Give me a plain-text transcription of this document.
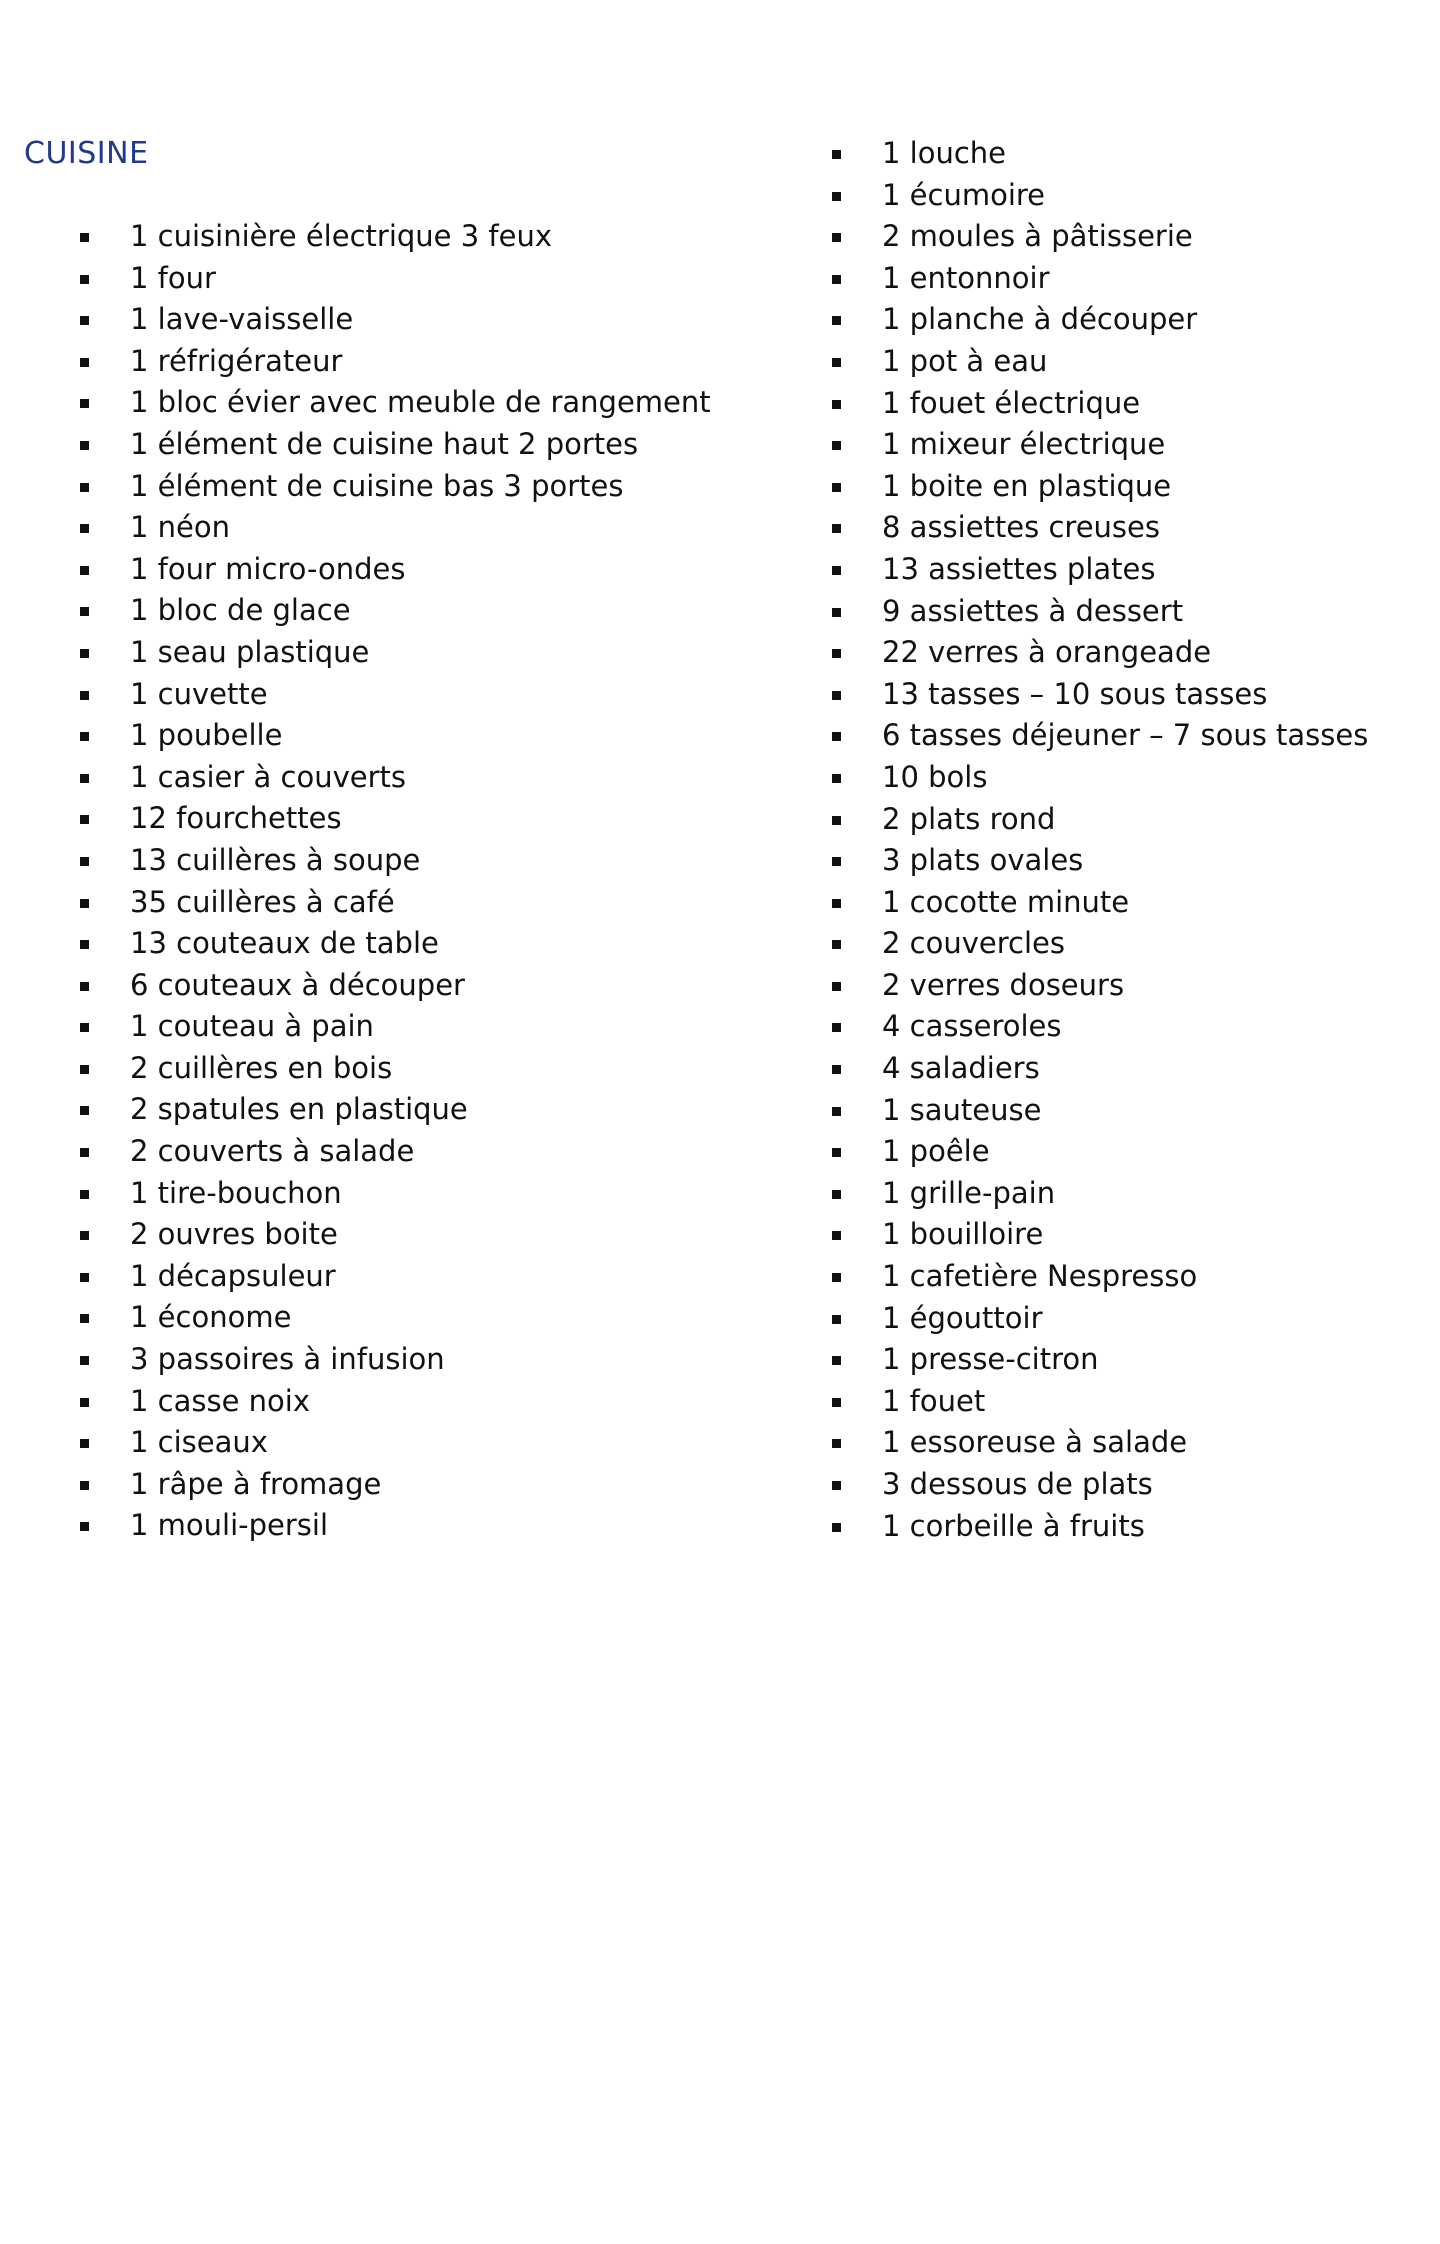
CUISINE
1 cuisinière électrique 3 feux
1 four
1 lave-vaisselle
1 réfrigérateur
1 bloc évier avec meuble de rangement
1 élément de cuisine haut 2 portes
1 élément de cuisine bas 3 portes
1 néon
1 four micro-ondes
1 bloc de glace
1 seau plastique
1 cuvette
1 poubelle
1 casier à couverts
12 fourchettes
13 cuillères à soupe
35 cuillères à café
13 couteaux de table
6 couteaux à découper
1 couteau à pain
2 cuillères en bois
2 spatules en plastique
2 couverts à salade
1 tire-bouchon
2 ouvres boite
1 décapsuleur
1 économe
3 passoires à infusion
1 casse noix
1 ciseaux
1 râpe à fromage
1 mouli-persil
1 louche
1 écumoire
2 moules à pâtisserie
1 entonnoir
1 planche à découper
1 pot à eau
1 fouet électrique
1 mixeur électrique
1 boite en plastique
8 assiettes creuses
13 assiettes plates
9 assiettes à dessert
22 verres à orangeade
13 tasses – 10 sous tasses
6 tasses déjeuner – 7 sous tasses
10 bols
2 plats rond
3 plats ovales
1 cocotte minute
2 couvercles
2 verres doseurs
4 casseroles
4 saladiers
1 sauteuse
1 poêle
1 grille-pain
1 bouilloire
1 cafetière Nespresso
1 égouttoir
1 presse-citron
1 fouet
1 essoreuse à salade
3 dessous de plats
1 corbeille à fruits
